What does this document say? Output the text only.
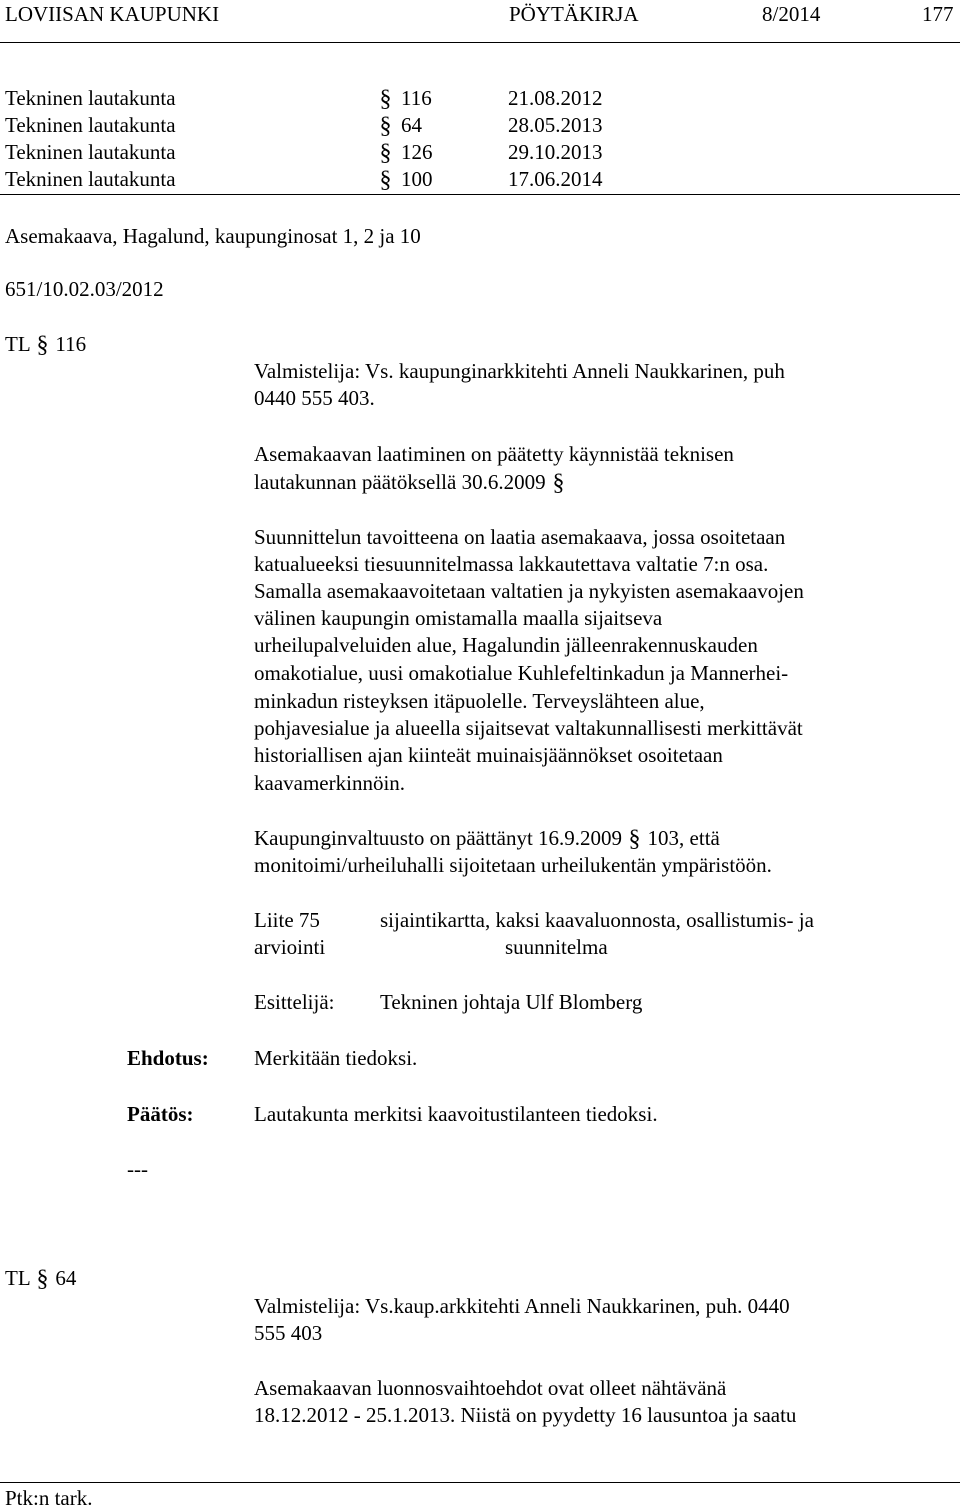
LOVIISAN KAUPUNKI	PÖYTÄKIRJA	8/2014	177
Tekninen lautakunta	§ 116	21.08.2012
Tekninen lautakunta	§ 64	28.05.2013
Tekninen lautakunta	§ 126	29.10.2013
Tekninen lautakunta	§ 100	17.06.2014
Asemakaava, Hagalund, kaupunginosat 1, 2 ja 10
651/10.02.03/2012
TL § 116
Valmistelija: Vs. kaupunginarkkitehti Anneli Naukkarinen, puh
0440 555 403.
Asemakaavan laatiminen on päätetty käynnistää teknisen
lautakunnan päätöksellä 30.6.2009 §
Suunnittelun tavoitteena on laatia asemakaava, jossa osoitetaan
katualueeksi tiesuunnitelmassa lakkautettava valtatie 7:n osa.
Samalla asemakaavoitetaan valtatien ja nykyisten asemakaavojen
välinen kaupungin omistamalla maalla sijaitseva
urheilupalveluiden alue, Hagalundin jälleenrakennuskauden
omakotialue, uusi omakotialue Kuhlefeltinkadun ja Mannerhei-
minkadun risteyksen itäpuolelle. Terveyslähteen alue,
pohjavesialue ja alueella sijaitsevat valtakunnallisesti merkittävät
historiallisen ajan kiinteät muinaisjäännökset osoitetaan
kaavamerkinnöin.
Kaupunginvaltuusto on päättänyt 16.9.2009 § 103, että
monitoimi/urheiluhalli sijoitetaan urheilukentän ympäristöön.
Liite 75	sijaintikartta, kaksi kaavaluonnosta, osallistumis- ja
arviointi	suunnitelma
Esittelijä: Tekninen johtaja Ulf Blomberg
Ehdotus: Merkitään tiedoksi.
Päätös:	Lautakunta merkitsi kaavoitustilanteen tiedoksi.
---
TL § 64
Valmistelija: Vs.kaup.arkkitehti Anneli Naukkarinen, puh. 0440
555 403
Asemakaavan luonnosvaihtoehdot ovat olleet nähtävänä
18.12.2012 - 25.1.2013. Niistä on pyydetty 16 lausuntoa ja saatu
Ptk:n tark.
